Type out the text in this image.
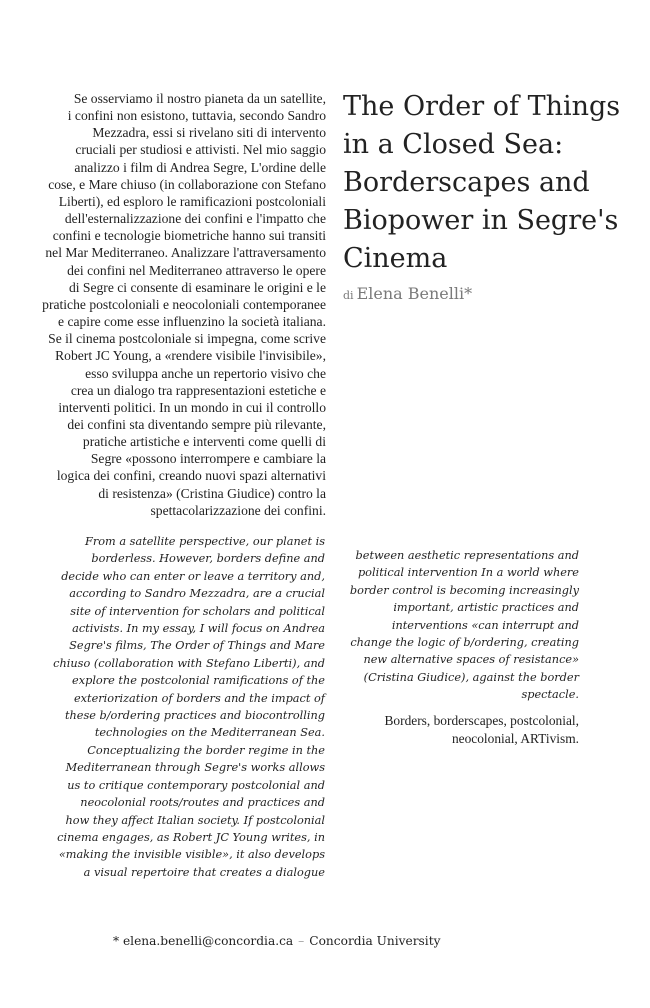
Se osserviamo il nostro pianeta da un satellite,
i confini non esistono, tuttavia, secondo Sandro
Mezzadra, essi si rivelano siti di intervento
cruciali per studiosi e attivisti. Nel mio saggio
analizzo i film di Andrea Segre, L'ordine delle
cose, e Mare chiuso (in collaborazione con Stefano
Liberti), ed esploro le ramificazioni postcoloniali
dell'esternalizzazione dei confini e l'impatto che
confini e tecnologie biometriche hanno sui transiti
nel Mar Mediterraneo. Analizzare l'attraversamento
dei confini nel Mediterraneo attraverso le opere
di Segre ci consente di esaminare le origini e le
pratiche postcoloniali e neocoloniali contemporanee
e capire come esse influenzino la società italiana.
Se il cinema postcoloniale si impegna, come scrive
Robert JC Young, a «rendere visibile l'invisibile»,
esso sviluppa anche un repertorio visivo che
crea un dialogo tra rappresentazioni estetiche e
interventi politici. In un mondo in cui il controllo
dei confini sta diventando sempre più rilevante,
pratiche artistiche e interventi come quelli di
Segre «possono interrompere e cambiare la
logica dei confini, creando nuovi spazi alternativi
di resistenza» (Cristina Giudice) contro la
spettacolarizzazione dei confini.

From a satellite perspective, our planet is
borderless. However, borders define and
decide who can enter or leave a territory and,
according to Sandro Mezzadra, are a crucial
site of intervention for scholars and political
activists. In my essay, I will focus on Andrea
Segre's films, The Order of Things and Mare
chiuso (collaboration with Stefano Liberti), and
explore the postcolonial ramifications of the
exteriorization of borders and the impact of
these b/ordering practices and biocontrolling
technologies on the Mediterranean Sea.
Conceptualizing the border regime in the
Mediterranean through Segre's works allows
us to critique contemporary postcolonial and
neocolonial roots/routes and practices and
how they affect Italian society. If postcolonial
cinema engages, as Robert JC Young writes, in
«making the invisible visible», it also develops
a visual repertoire that creates a dialogue

The Order of Things
in a Closed Sea:
Borderscapes and
Biopower in Segre's
Cinema

di Elena Benelli*

between aesthetic representations and
political intervention In a world where
border control is becoming increasingly
important, artistic practices and
interventions «can interrupt and
change the logic of b/ordering, creating
new alternative spaces of resistance»
(Cristina Giudice), against the border
spectacle.

Borders, borderscapes, postcolonial,
neocolonial, ARTivism.

* elena.benelli@concordia.ca – Concordia University
